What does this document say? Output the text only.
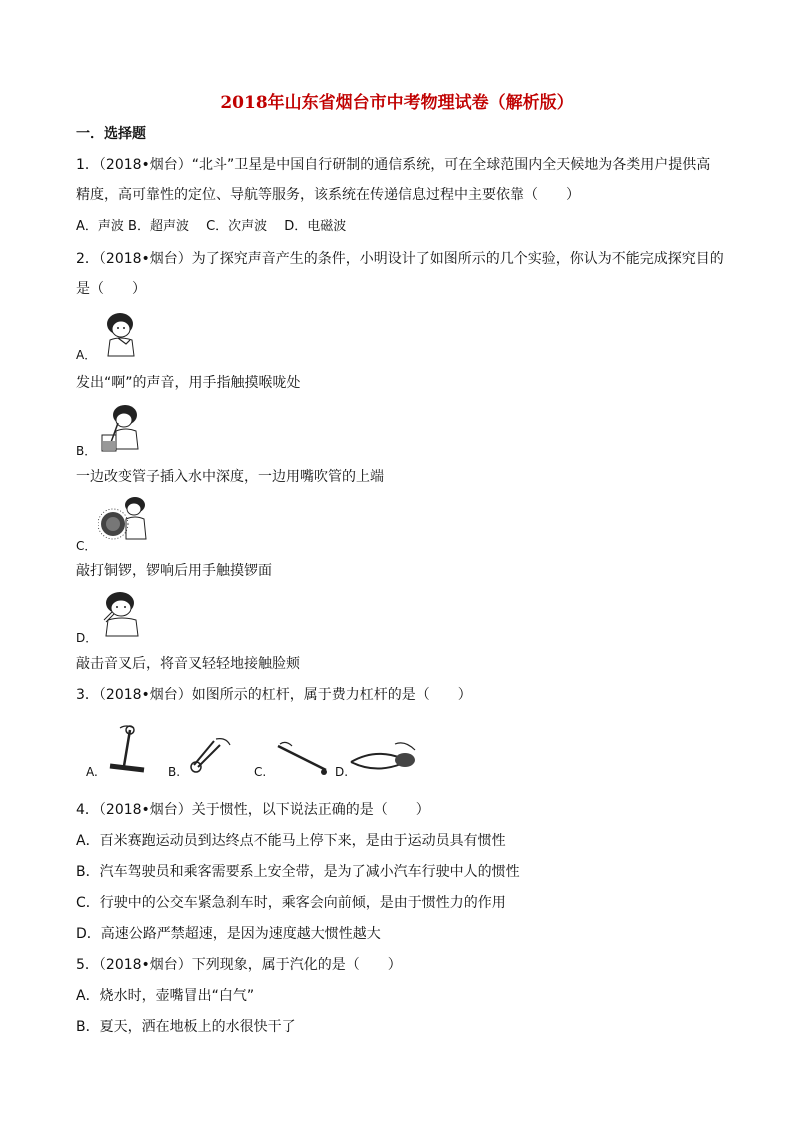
2018年山东省烟台市中考物理试卷（解析版）
一．选择题
1．（2018•烟台）“北斗”卫星是中国自行研制的通信系统，可在全球范围内全天候地为各类用户提供高
精度，高可靠性的定位、导航等服务，该系统在传递信息过程中主要依靠（　　）
A．声波 B．超声波　 C．次声波　 D．电磁波
2．（2018•烟台）为了探究声音产生的条件，小明设计了如图所示的几个实验，你认为不能完成探究目的
是（　　）
A．
发出“啊”的声音，用手指触摸喉咙处
B．
一边改变管子插入水中深度，一边用嘴吹管的上端
C．
敲打铜锣，锣响后用手触摸锣面
D．
敲击音叉后，将音叉轻轻地接触脸颊
3．（2018•烟台）如图所示的杠杆，属于费力杠杆的是（　　）
A.	B.	C.	D.
4．（2018•烟台）关于惯性，以下说法正确的是（　　）
A．百米赛跑运动员到达终点不能马上停下来，是由于运动员具有惯性
B．汽车驾驶员和乘客需要系上安全带，是为了减小汽车行驶中人的惯性
C．行驶中的公交车紧急刹车时，乘客会向前倾，是由于惯性力的作用
D．高速公路严禁超速，是因为速度越大惯性越大
5．（2018•烟台）下列现象，属于汽化的是（　　）
A．烧水时，壶嘴冒出“白气”
B．夏天，洒在地板上的水很快干了
